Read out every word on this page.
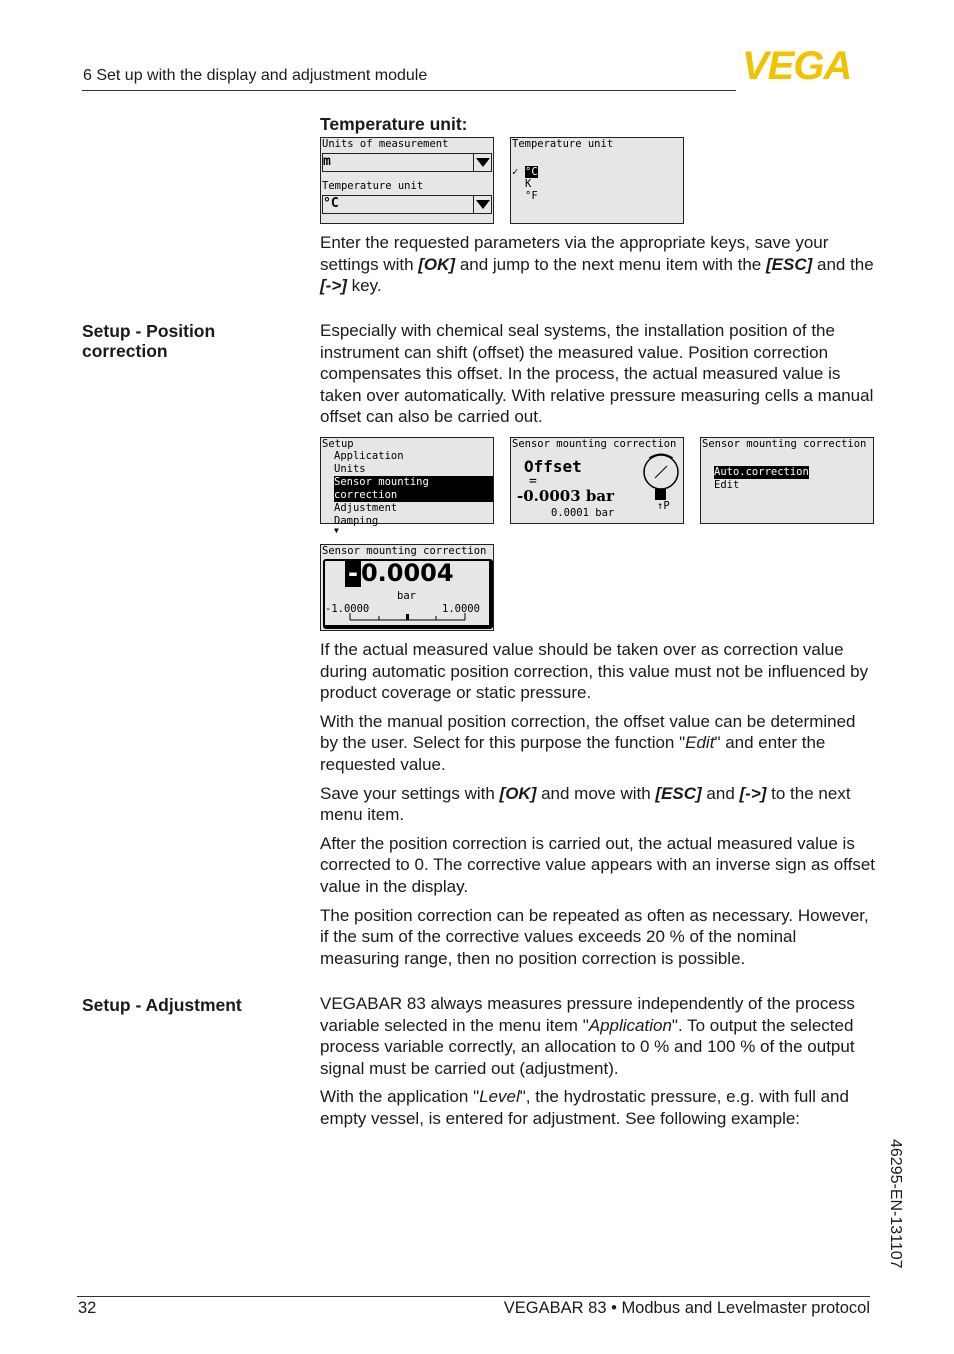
6 Set up with the display and adjustment module	VEGA
Temperature unit:
Units of measurement
m
Temperature unit
°C
Temperature unit
✓ °C
K
°F

Enter the requested parameters via the appropriate keys, save your settings with [OK] and jump to the next menu item with the [ESC] and the [->] key.

Setup - Position correction

Especially with chemical seal systems, the installation position of the instrument can shift (offset) the measured value. Position correction compensates this offset. In the process, the actual measured value is taken over automatically. With relative pressure measuring cells a manual offset can also be carried out.

Setup
Application
Units
Sensor mounting correction
Adjustment
Damping
▼
Sensor mounting correction
Offset
=
-0.0003 bar
0.0001 bar
↑P
Sensor mounting correction
Auto.correction
Edit
Sensor mounting correction
- 0.0004
bar
-1.0000	1.0000

If the actual measured value should be taken over as correction value during automatic position correction, this value must not be influenced by product coverage or static pressure.

With the manual position correction, the offset value can be determined by the user. Select for this purpose the function "Edit" and enter the requested value.

Save your settings with [OK] and move with [ESC] and [->] to the next menu item.

After the position correction is carried out, the actual measured value is corrected to 0. The corrective value appears with an inverse sign as offset value in the display.

The position correction can be repeated as often as necessary. However, if the sum of the corrective values exceeds 20 % of the nominal measuring range, then no position correction is possible.

Setup - Adjustment	VEGABAR 83 always measures pressure independently of the process variable selected in the menu item "Application". To output the selected process variable correctly, an allocation to 0 % and 100 % of the output signal must be carried out (adjustment).

With the application "Level", the hydrostatic pressure, e.g. with full and empty vessel, is entered for adjustment. See following example:

46295-EN-131107
32	VEGABAR 83 • Modbus and Levelmaster protocol
